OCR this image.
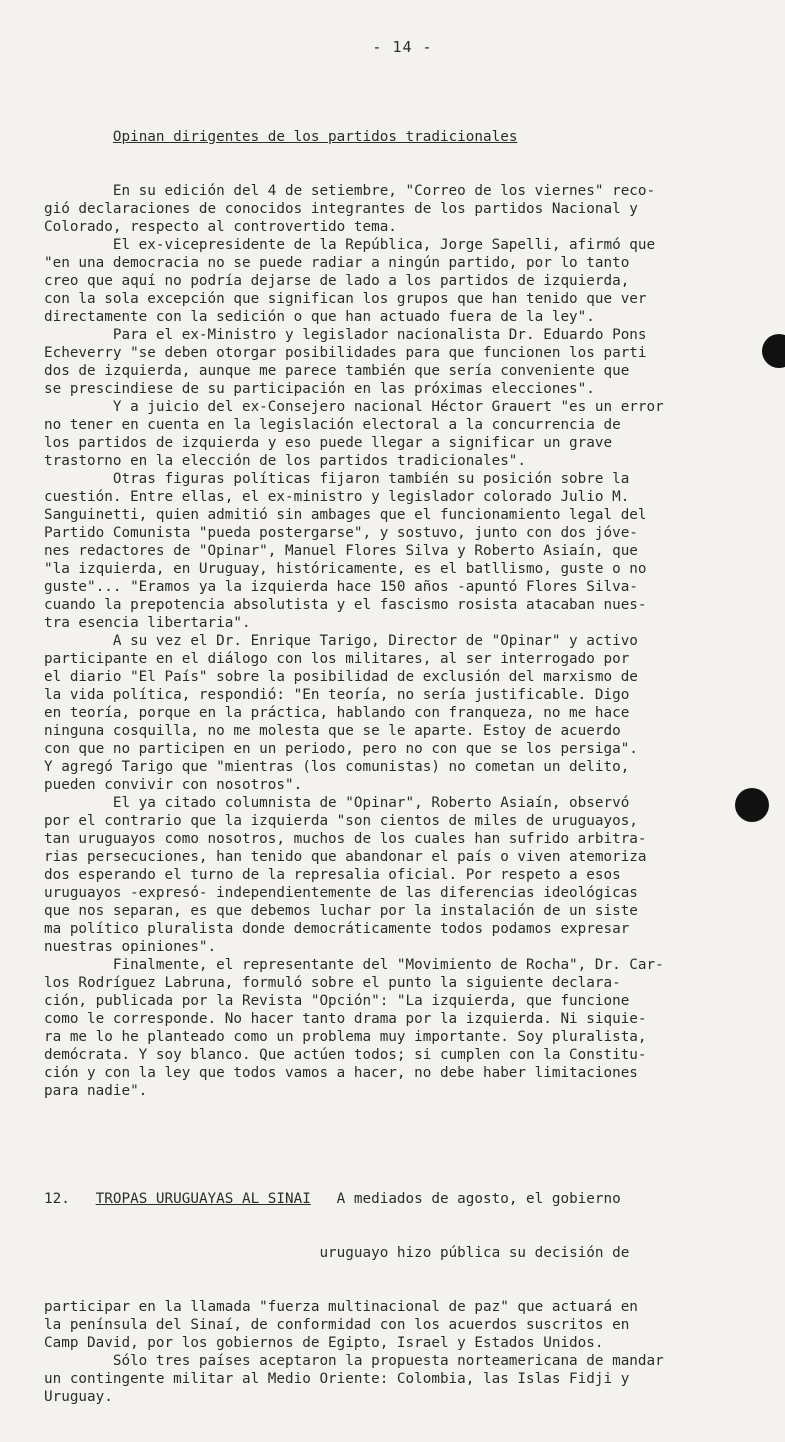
- 14 -

Opinan dirigentes de los partidos tradicionales

En su edición del 4 de setiembre, "Correo de los viernes" reco-
gió declaraciones de conocidos integrantes de los partidos Nacional y
Colorado, respecto al controvertido tema.
El ex-vicepresidente de la República, Jorge Sapelli, afirmó que
"en una democracia no se puede radiar a ningún partido, por lo tanto
creo que aquí no podría dejarse de lado a los partidos de izquierda,
con la sola excepción que significan los grupos que han tenido que ver
directamente con la sedición o que han actuado fuera de la ley".
Para el ex-Ministro y legislador nacionalista Dr. Eduardo Pons
Echeverry "se deben otorgar posibilidades para que funcionen los parti
dos de izquierda, aunque me parece también que sería conveniente que
se prescindiese de su participación en las próximas elecciones".
Y a juicio del ex-Consejero nacional Héctor Grauert "es un error
no tener en cuenta en la legislación electoral a la concurrencia de
los partidos de izquierda y eso puede llegar a significar un grave
trastorno en la elección de los partidos tradicionales".
Otras figuras políticas fijaron también su posición sobre la
cuestión. Entre ellas, el ex-ministro y legislador colorado Julio M.
Sanguinetti, quien admitió sin ambages que el funcionamiento legal del
Partido Comunista "pueda postergarse", y sostuvo, junto con dos jóve-
nes redactores de "Opinar", Manuel Flores Silva y Roberto Asiaín, que
"la izquierda, en Uruguay, históricamente, es el batllismo, guste o no
guste"... "Eramos ya la izquierda hace 150 años -apuntó Flores Silva-
cuando la prepotencia absolutista y el fascismo rosista atacaban nues-
tra esencia libertaria".
A su vez el Dr. Enrique Tarigo, Director de "Opinar" y activo
participante en el diálogo con los militares, al ser interrogado por
el diario "El País" sobre la posibilidad de exclusión del marxismo de
la vida política, respondió: "En teoría, no sería justificable. Digo
en teoría, porque en la práctica, hablando con franqueza, no me hace
ninguna cosquilla, no me molesta que se le aparte. Estoy de acuerdo
con que no participen en un periodo, pero no con que se los persiga".
Y agregó Tarigo que "mientras (los comunistas) no cometan un delito,
pueden convivir con nosotros".
El ya citado columnista de "Opinar", Roberto Asiaín, observó
por el contrario que la izquierda "son cientos de miles de uruguayos,
tan uruguayos como nosotros, muchos de los cuales han sufrido arbitra-
rias persecuciones, han tenido que abandonar el país o viven atemoriza
dos esperando el turno de la represalia oficial. Por respeto a esos
uruguayos -expresó- independientemente de las diferencias ideológicas
que nos separan, es que debemos luchar por la instalación de un siste
ma político pluralista donde democráticamente todos podamos expresar
nuestras opiniones".
Finalmente, el representante del "Movimiento de Rocha", Dr. Car-
los Rodríguez Labruna, formuló sobre el punto la siguiente declara-
ción, publicada por la Revista "Opción": "La izquierda, que funcione
como le corresponde. No hacer tanto drama por la izquierda. Ni siquie-
ra me lo he planteado como un problema muy importante. Soy pluralista,
demócrata. Y soy blanco. Que actúen todos; si cumplen con la Constitu-
ción y con la ley que todos vamos a hacer, no debe haber limitaciones
para nadie".

12. TROPAS URUGUAYAS AL SINAI A mediados de agosto, el gobierno

uruguayo hizo pública su decisión de

participar en la llamada "fuerza multinacional de paz" que actuará en
la península del Sinaí, de conformidad con los acuerdos suscritos en
Camp David, por los gobiernos de Egipto, Israel y Estados Unidos.
Sólo tres países aceptaron la propuesta norteamericana de mandar
un contingente militar al Medio Oriente: Colombia, las Islas Fidji y
Uruguay.
